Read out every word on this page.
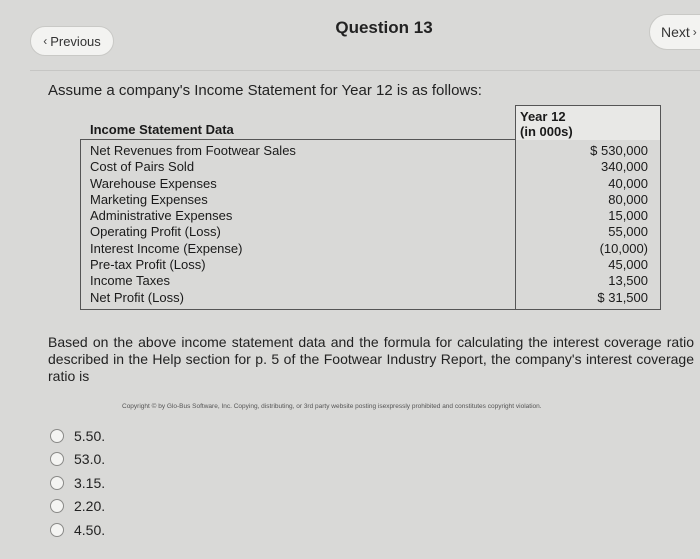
‹ Previous
Question 13	Next ›
Assume a company's Income Statement for Year 12 is as follows:
Income Statement Data
Year 12
(in 000s)
Net Revenues from Footwear Sales
Cost of Pairs Sold
Warehouse Expenses
Marketing Expenses
Administrative Expenses
Operating Profit (Loss)
Interest Income (Expense)
Pre-tax Profit (Loss)
Income Taxes
Net Profit (Loss)
$ 530,000
340,000
40,000
80,000
15,000
55,000
(10,000)
45,000
13,500
$ 31,500
Based on the above income statement data and the formula for calculating the interest coverage ratio described in the Help section for p. 5 of the Footwear Industry Report, the company's interest coverage ratio is
Copyright © by Glo-Bus Software, Inc. Copying, distributing, or 3rd party website posting isexpressly prohibited and constitutes copyright violation.
5.50.
53.0.
3.15.
2.20.
4.50.
